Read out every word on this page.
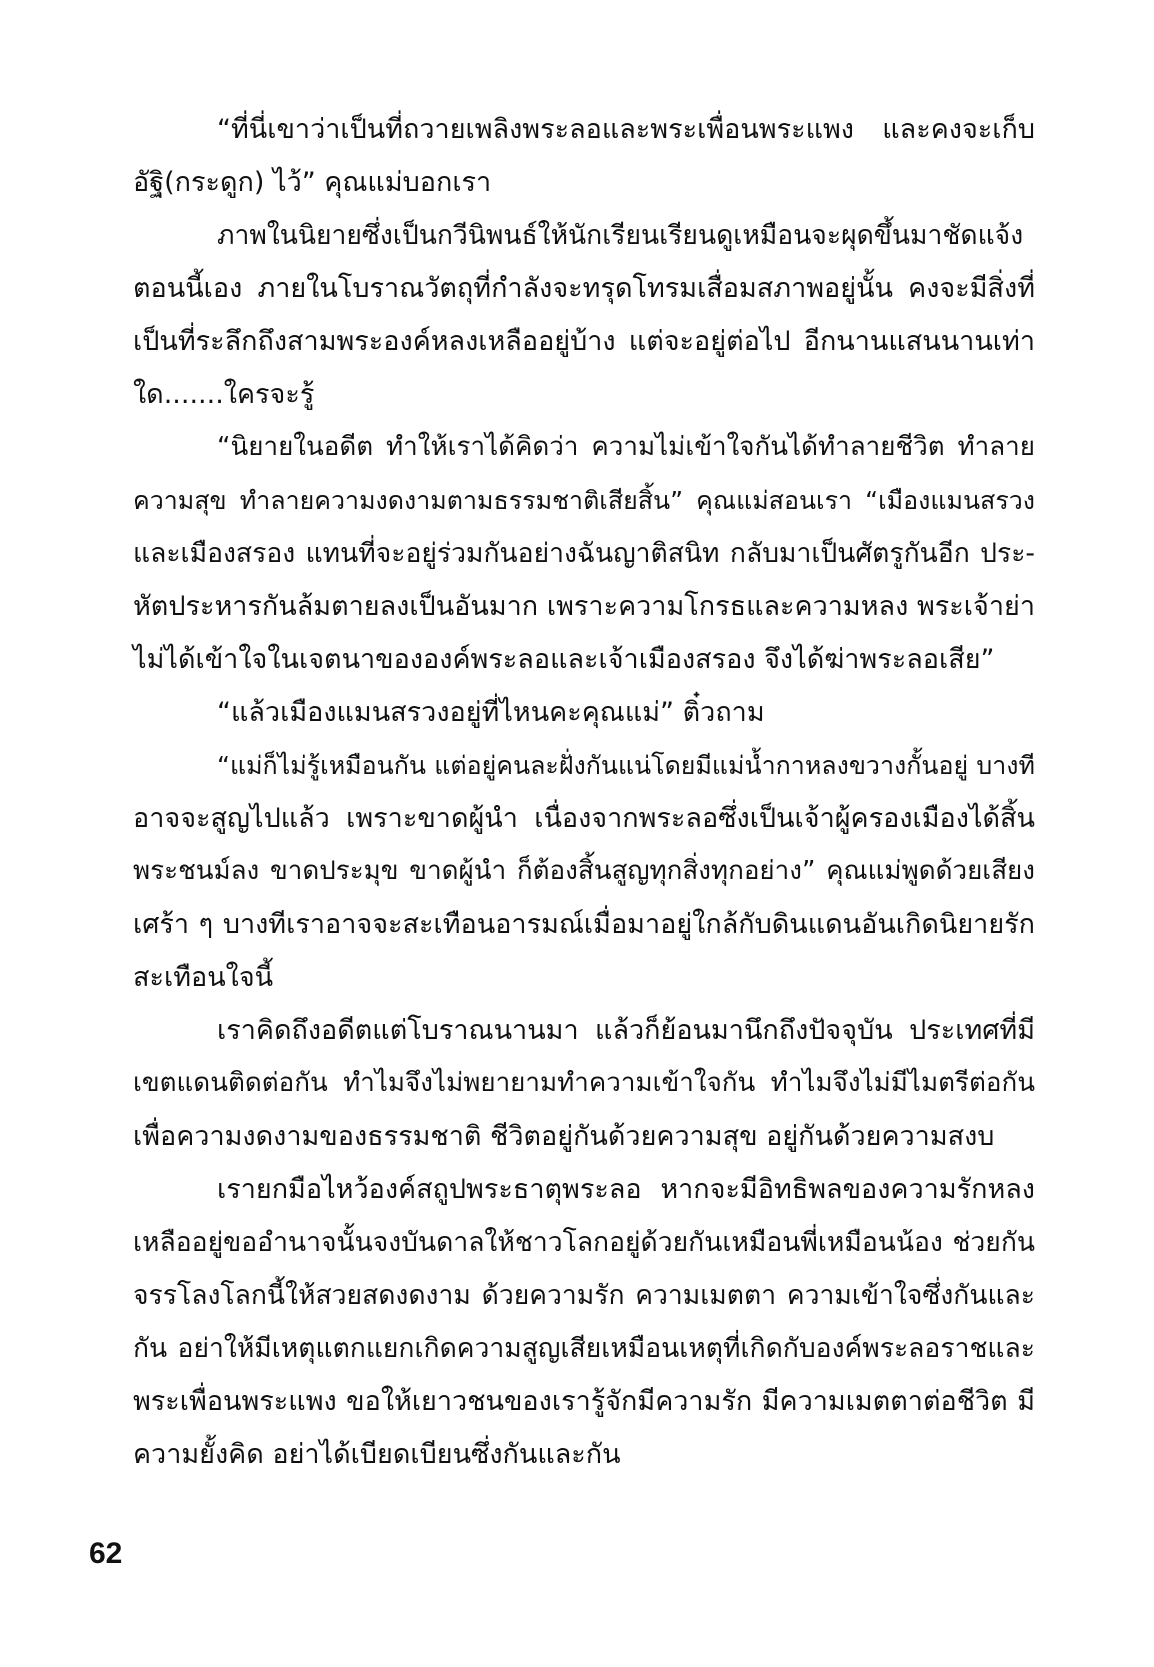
“ที่นี่เขาว่าเป็นที่ถวายเพลิงพระลอและพระเพื่อนพระแพง และคงจะเก็บ
อัฐิ(กระดูก) ไว้” คุณแม่บอกเรา
ภาพในนิยายซึ่งเป็นกวีนิพนธ์ให้นักเรียนเรียนดูเหมือนจะผุดขึ้นมาชัดแจ้ง
ตอนนี้เอง ภายในโบราณวัตถุที่กำลังจะทรุดโทรมเสื่อมสภาพอยู่นั้น คงจะมีสิ่งที่
เป็นที่ระลึกถึงสามพระองค์หลงเหลืออยู่บ้าง แต่จะอยู่ต่อไป อีกนานแสนนานเท่า
ใด.......ใครจะรู้
“นิยายในอดีต ทำให้เราได้คิดว่า ความไม่เข้าใจกันได้ทำลายชีวิต ทำลาย
ความสุข ทำลายความงดงามตามธรรมชาติเสียสิ้น” คุณแม่สอนเรา “เมืองแมนสรวง
และเมืองสรอง แทนที่จะอยู่ร่วมกันอย่างฉันญาติสนิท กลับมาเป็นศัตรูกันอีก ประ-
หัตประหารกันล้มตายลงเป็นอันมาก เพราะความโกรธและความหลง พระเจ้าย่า
ไม่ได้เข้าใจในเจตนาขององค์พระลอและเจ้าเมืองสรอง จึงได้ฆ่าพระลอเสีย”
“แล้วเมืองแมนสรวงอยู่ที่ไหนคะคุณแม่” ติ๋วถาม
“แม่ก็ไม่รู้เหมือนกัน แต่อยู่คนละฝั่งกันแน่โดยมีแม่น้ำกาหลงขวางกั้นอยู่ บางที
อาจจะสูญไปแล้ว เพราะขาดผู้นำ เนื่องจากพระลอซึ่งเป็นเจ้าผู้ครองเมืองได้สิ้น
พระชนม์ลง ขาดประมุข ขาดผู้นำ ก็ต้องสิ้นสูญทุกสิ่งทุกอย่าง” คุณแม่พูดด้วยเสียง
เศร้า ๆ บางทีเราอาจจะสะเทือนอารมณ์เมื่อมาอยู่ใกล้กับดินแดนอันเกิดนิยายรัก
สะเทือนใจนี้
เราคิดถึงอดีตแต่โบราณนานมา แล้วก็ย้อนมานึกถึงปัจจุบัน ประเทศที่มี
เขตแดนติดต่อกัน ทำไมจึงไม่พยายามทำความเข้าใจกัน ทำไมจึงไม่มีไมตรีต่อกัน
เพื่อความงดงามของธรรมชาติ ชีวิตอยู่กันด้วยความสุข อยู่กันด้วยความสงบ
เรายกมือไหว้องค์สถูปพระธาตุพระลอ หากจะมีอิทธิพลของความรักหลง
เหลืออยู่ขออำนาจนั้นจงบันดาลให้ชาวโลกอยู่ด้วยกันเหมือนพี่เหมือนน้อง ช่วยกัน
จรรโลงโลกนี้ให้สวยสดงดงาม ด้วยความรัก ความเมตตา ความเข้าใจซึ่งกันและ
กัน อย่าให้มีเหตุแตกแยกเกิดความสูญเสียเหมือนเหตุที่เกิดกับองค์พระลอราชและ
พระเพื่อนพระแพง ขอให้เยาวชนของเรารู้จักมีความรัก มีความเมตตาต่อชีวิต มี
ความยั้งคิด อย่าได้เบียดเบียนซึ่งกันและกัน
62
